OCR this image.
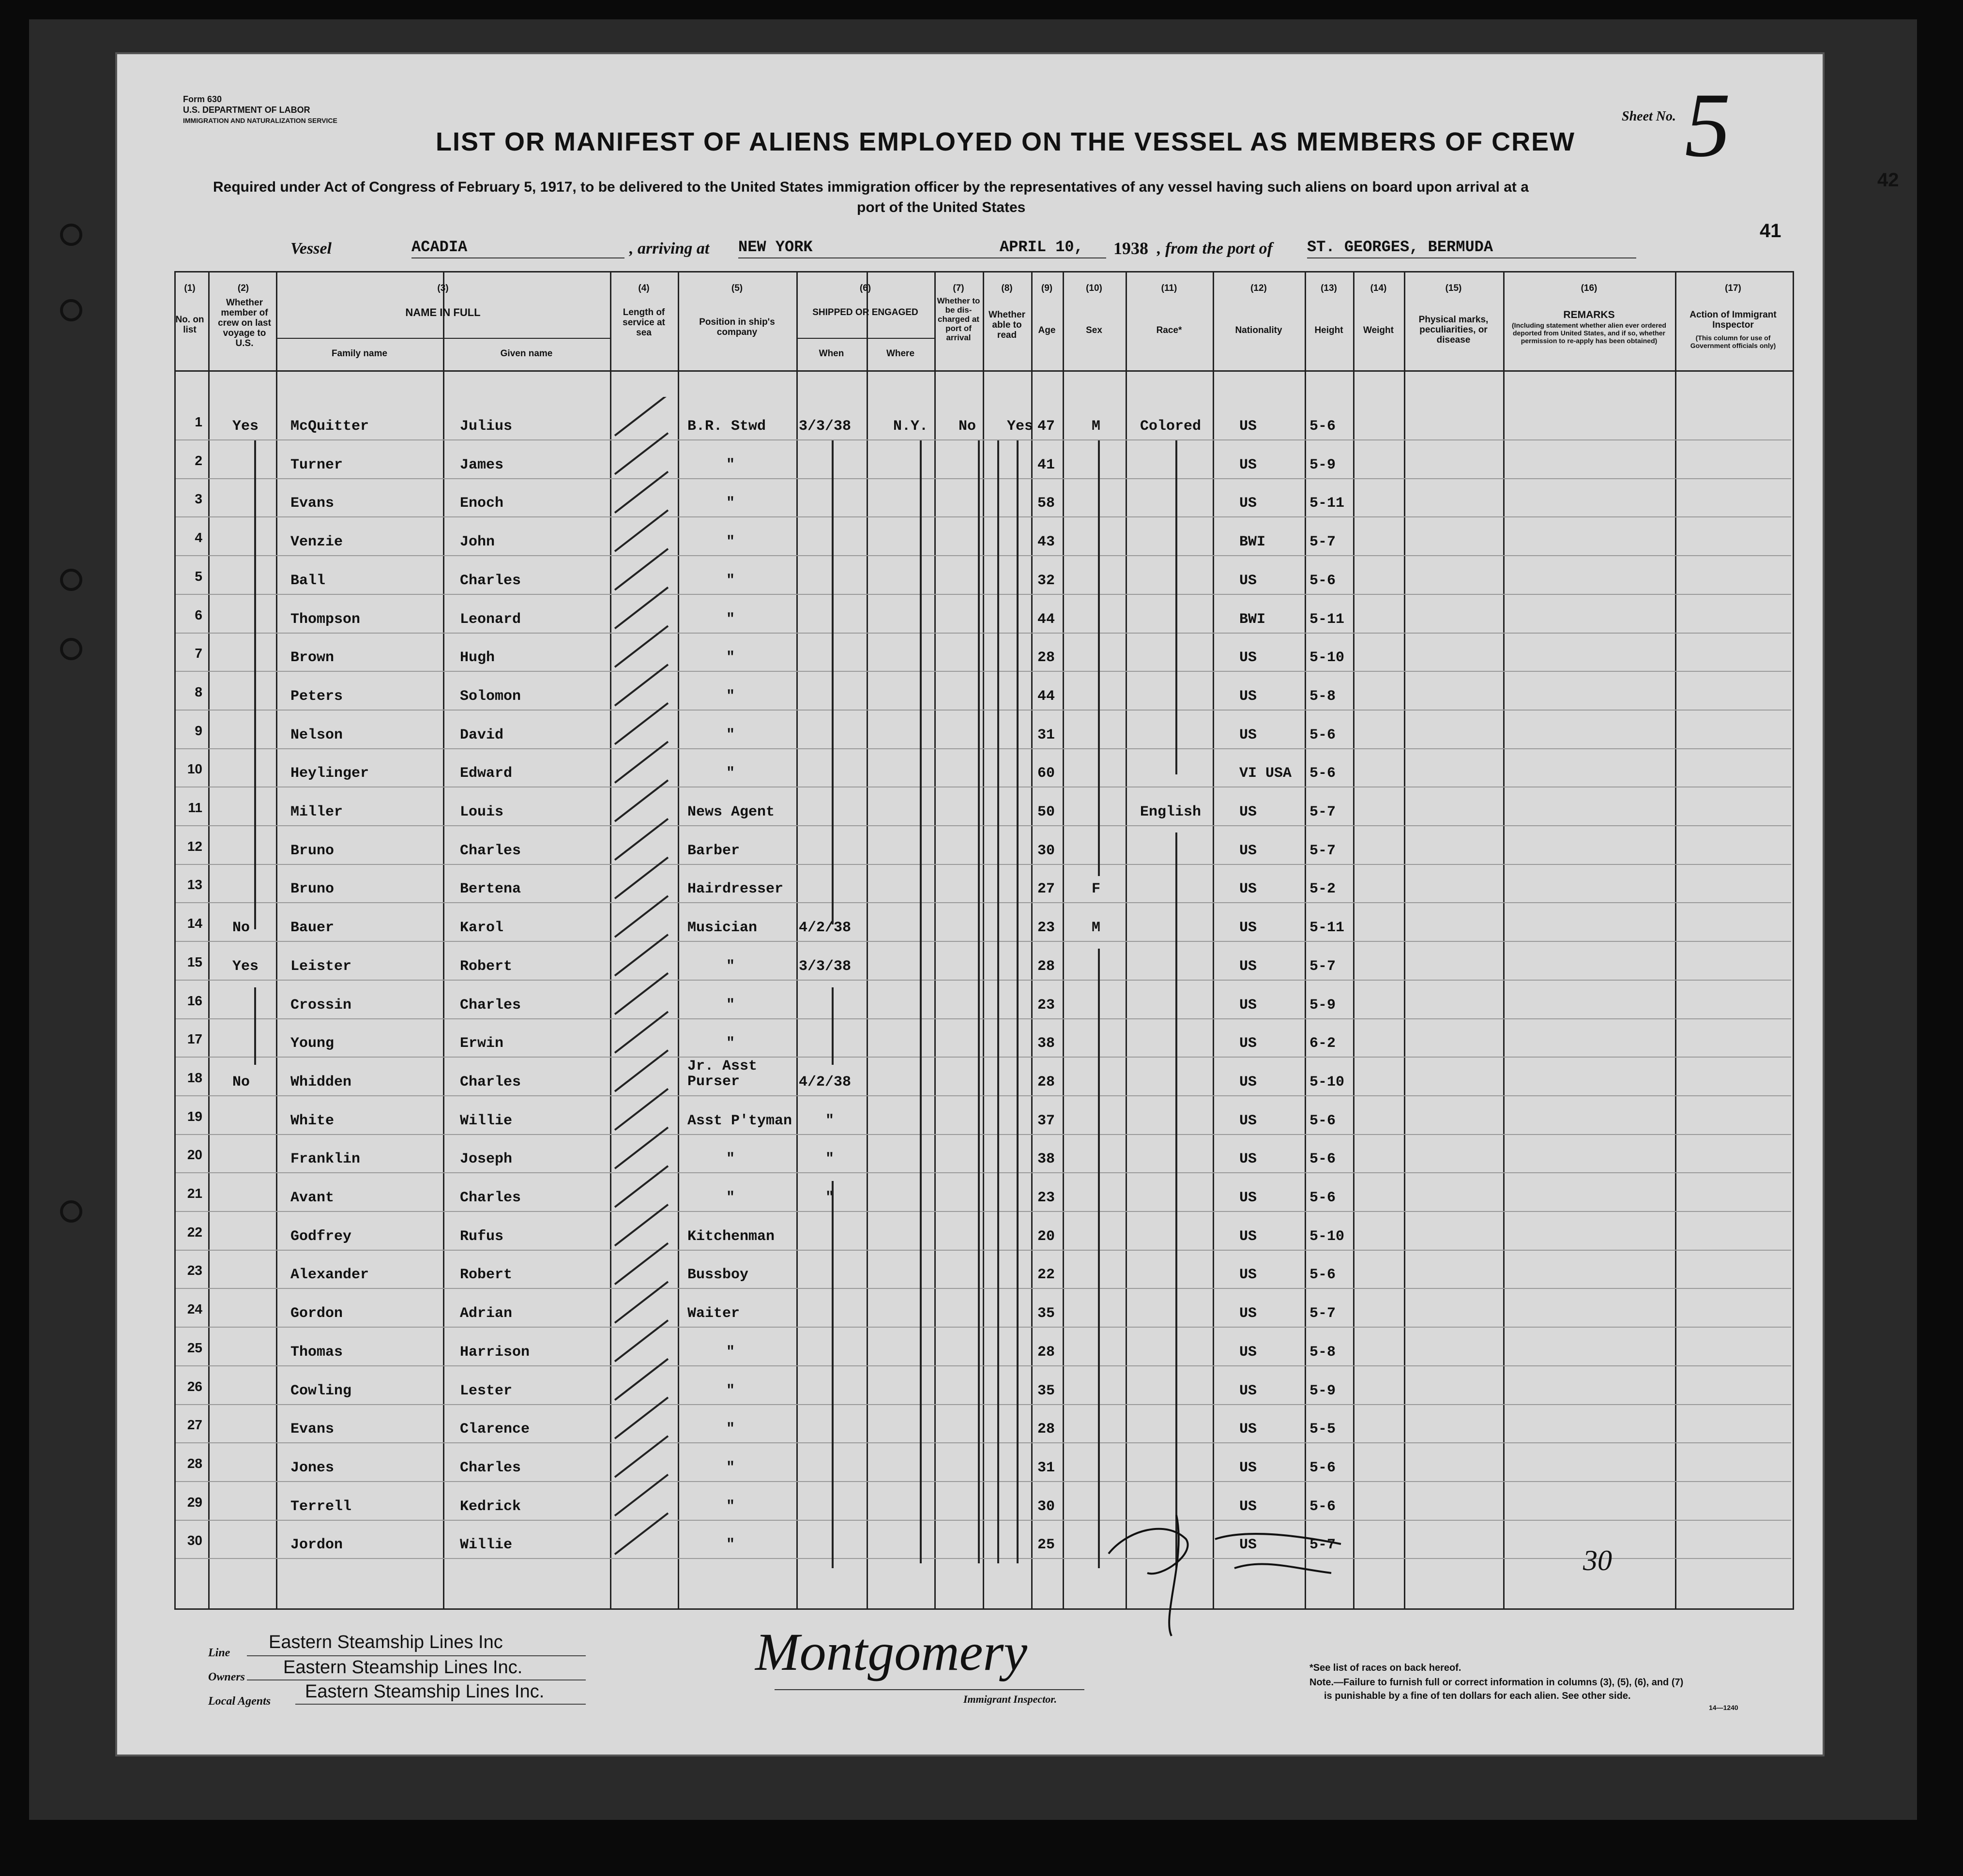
Form 630
U.S. DEPARTMENT OF LABOR
IMMIGRATION AND NATURALIZATION SERVICE
LIST OR MANIFEST OF ALIENS EMPLOYED ON THE VESSEL AS MEMBERS OF CREW
Required under Act of Congress of February 5, 1917, to be delivered to the United States immigration officer by the representatives of any vessel having such aliens on board upon arrival at a
port of the United States
Sheet No. 5
42
41
Vessel	ACADIA	, arriving at NEW YORK	APRIL 10, 1938 , from the port of ST. GEORGES, BERMUDA
(1)
No. on list
(2)
Whether member of crew on last voyage to U.S.
(3)
NAME IN FULL
Family name	Given name
(4)
Length of service at sea
(5)
Position in ship's company
(6)
SHIPPED OR ENGAGED
When	Where
(7)
Whether to be dis-charged at port of arrival
(8)
Whether able to read
(9)
Age
(10)
Sex
(11)
Race*
(12)
Nationality
(13)
Height
(14)
Weight
(15)
Physical marks, peculiarities, or disease
(16)
REMARKS
(Including statement whether alien ever ordered deported from United States, and if so, whether permission to re-apply has been obtained)
(17)
Action of Immigrant Inspector
(This column for use of Government officials only)
1 Yes McQuitter	Julius	B.R. Stwd 3/3/38	N.Y. No Yes 47	M	Colored	US	5-6
2	Turner	James	"	41	US	5-9
3	Evans	Enoch	"	58	US	5-11
4	Venzie	John	"	43	BWI	5-7
5	Ball	Charles	"	32	US	5-6
6	Thompson	Leonard	"	44	BWI	5-11
7	Brown	Hugh	"	28	US	5-10
8	Peters	Solomon	"	44	US	5-8
9	Nelson	David	"	31	US	5-6
10	Heylinger	Edward	"	60	VI USA 5-6
11	Miller	Louis	News Agent	50	English	US	5-7
12	Bruno	Charles	Barber	30	US	5-7
13	Bruno	Bertena	Hairdresser	27	F	US	5-2
14 No	Bauer	Karol	Musician	4/2/38	23	M	US	5-11
15 Yes Leister	Robert	"	3/3/38	28	US	5-7
16	Crossin	Charles	"	23	US	5-9
17	Young	Erwin	"	38	US	6-2
18 No	Whidden	Charles
Jr. Asst Purser	4/2/38	28	US	5-10
19	White	Willie	Asst P'tyman "	37	US	5-6
20	Franklin	Joseph	"	"	38	US	5-6
21	Avant	Charles	"	"	23	US	5-6
22	Godfrey	Rufus	Kitchenman	20	US	5-10
23	Alexander	Robert	Bussboy	22	US	5-6
24	Gordon	Adrian	Waiter	35	US	5-7
25	Thomas	Harrison	"	28	US	5-8
26	Cowling	Lester	"	35	US	5-9
27	Evans	Clarence	"	28	US	5-5
28	Jones	Charles	"	31	US	5-6
29	Terrell	Kedrick	"	30	US	5-6
30	Jordon	Willie	"	25	US	5-7	30
Line
Eastern Steamship Lines Inc
Owners Eastern Steamship Lines Inc.
Local Agents Eastern Steamship Lines Inc.
Montgomery
Immigrant Inspector.
*See list of races on back hereof.
Note.—Failure to furnish full or correct information in columns (3), (5), (6), and (7)
is punishable by a fine of ten dollars for each alien. See other side.
14—1240
